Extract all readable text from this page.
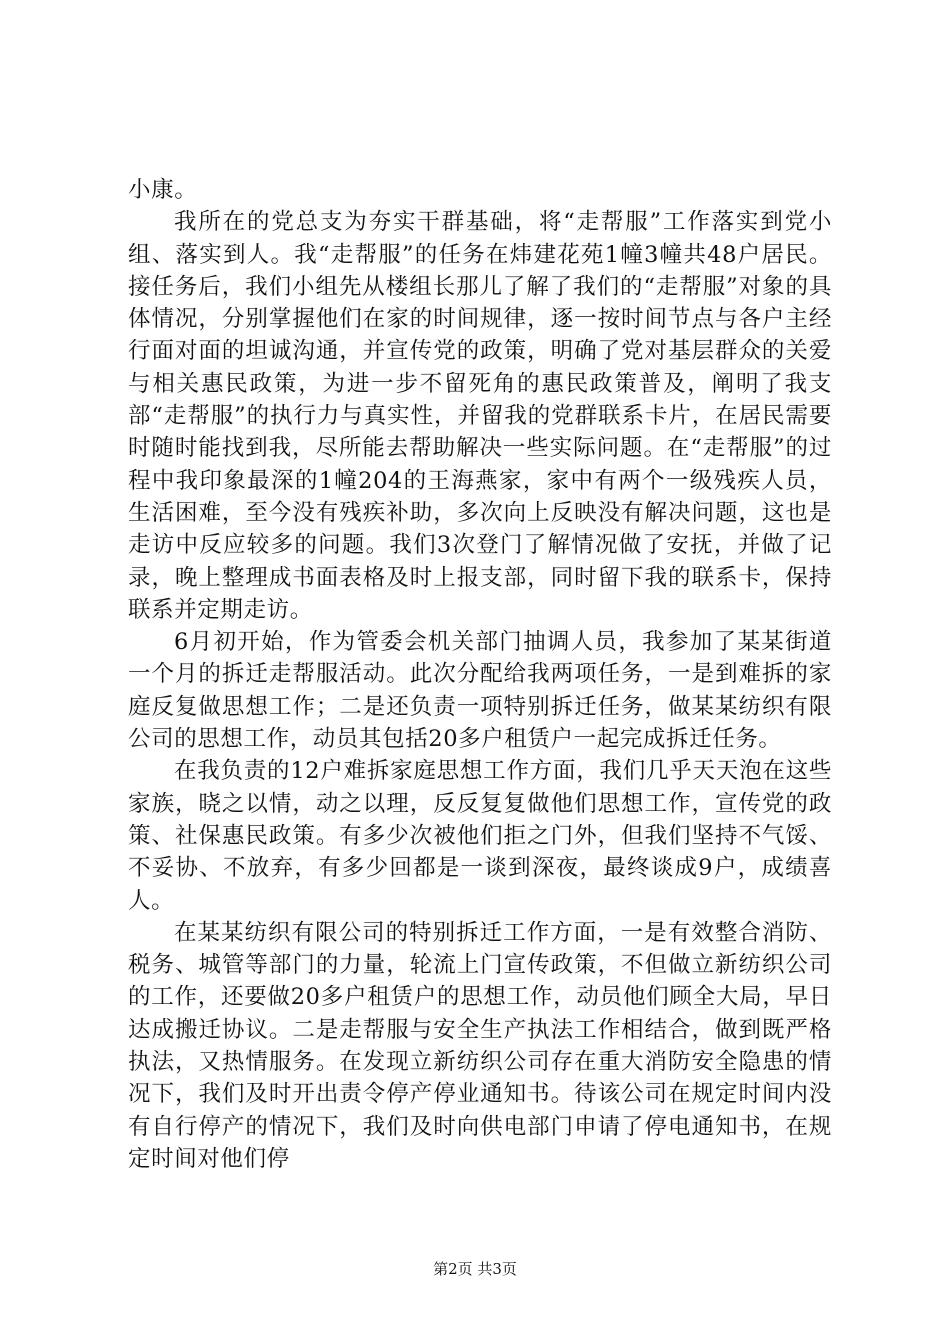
小康。

我所在的党总支为夯实干群基础，将“走帮服”工作落实到党小组、落实到人。我“走帮服”的任务在炜建花苑1幢3幢共48户居民。接任务后，我们小组先从楼组长那儿了解了我们的“走帮服”对象的具体情况，分别掌握他们在家的时间规律，逐一按时间节点与各户主经行面对面的坦诚沟通，并宣传党的政策，明确了党对基层群众的关爱与相关惠民政策，为进一步不留死角的惠民政策普及，阐明了我支部“走帮服”的执行力与真实性，并留我的党群联系卡片，在居民需要时随时能找到我，尽所能去帮助解决一些实际问题。在“走帮服”的过程中我印象最深的1幢204的王海燕家，家中有两个一级残疾人员，生活困难，至今没有残疾补助，多次向上反映没有解决问题，这也是走访中反应较多的问题。我们3次登门了解情况做了安抚，并做了记录，晚上整理成书面表格及时上报支部，同时留下我的联系卡，保持联系并定期走访。

6月初开始，作为管委会机关部门抽调人员，我参加了某某街道一个月的拆迁走帮服活动。此次分配给我两项任务，一是到难拆的家庭反复做思想工作；二是还负责一项特别拆迁任务，做某某纺织有限公司的思想工作，动员其包括20多户租赁户一起完成拆迁任务。

在我负责的12户难拆家庭思想工作方面，我们几乎天天泡在这些家族，晓之以情，动之以理，反反复复做他们思想工作，宣传党的政策、社保惠民政策。有多少次被他们拒之门外，但我们坚持不气馁、不妥协、不放弃，有多少回都是一谈到深夜，最终谈成9户，成绩喜人。

在某某纺织有限公司的特别拆迁工作方面，一是有效整合消防、税务、城管等部门的力量，轮流上门宣传政策，不但做立新纺织公司的工作，还要做20多户租赁户的思想工作，动员他们顾全大局，早日达成搬迁协议。二是走帮服与安全生产执法工作相结合，做到既严格执法，又热情服务。在发现立新纺织公司存在重大消防安全隐患的情况下，我们及时开出责令停产停业通知书。待该公司在规定时间内没有自行停产的情况下，我们及时向供电部门申请了停电通知书，在规定时间对他们停

第2页 共3页
